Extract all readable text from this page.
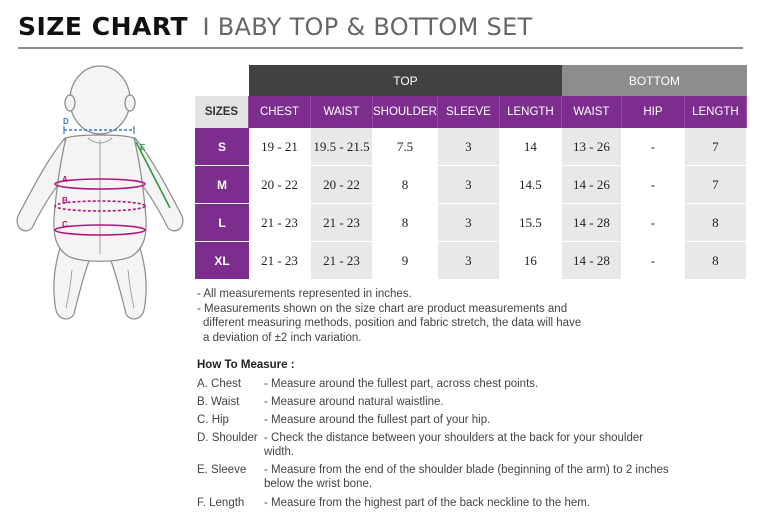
SIZE CHART I BABY TOP & BOTTOM SET
A
B
C
D
E
	TOP					BOTTOM		
SIZES	CHEST	WAIST	SHOULDER	SLEEVE	LENGTH	WAIST	HIP	LENGTH
S	19 - 21	19.5 - 21.5	7.5	3	14	13 - 26	-	7
M	20 - 22	20 - 22	8	3	14.5	14 - 26	-	7
L	21 - 23	21 - 23	8	3	15.5	14 - 28	-	8
XL	21 - 23	21 - 23	9	3	16	14 - 28	-	8

- All measurements represented in inches.

- Measurements shown on the size chart are product measurements and

different measuring methods, position and fabric stretch, the data will have

a deviation of ±2 inch variation.

How To Measure :
A. Chest	- Measure around the fullest part, across chest points.
B. Waist	- Measure around natural waistline.
C. Hip	- Measure around the fullest part of your hip.
D. Shoulder - Check the distance between your shoulders at the back for your shoulder width.
E. Sleeve	- Measure from the end of the shoulder blade (beginning of the arm) to 2 inches below the wrist bone.
F. Length	- Measure from the highest part of the back neckline to the hem.
